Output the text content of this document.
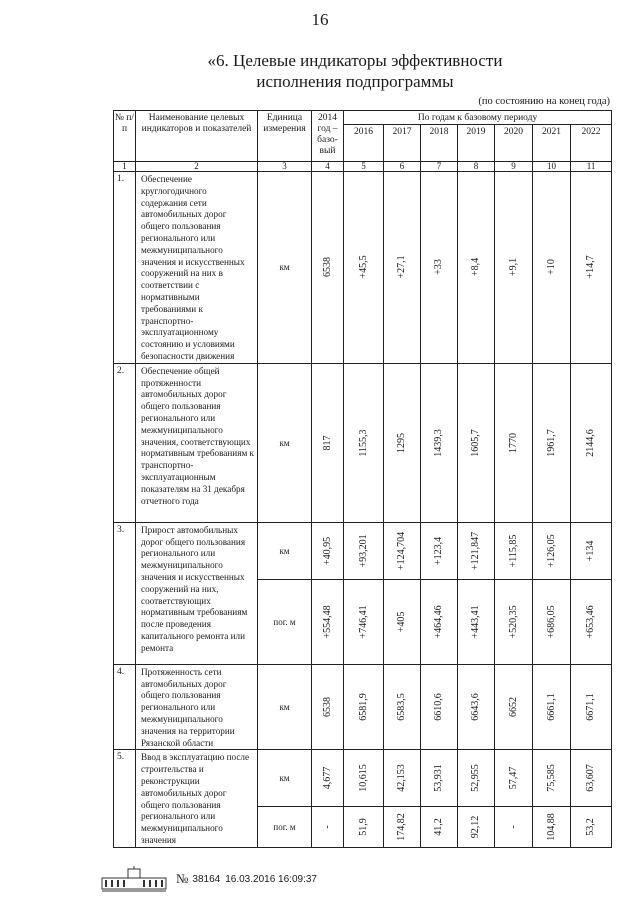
16
«6. Целевые индикаторы эффективности
исполнения подпрограммы
(по состоянию на конец года)
№ п/п	Наименование целевых индикаторов и показателей	Единица измерения	2014 год – базо-вый	По годам к базовому периоду						
				2016	2017	2018	2019	2020	2021	2022
1	2	3	4	5	6	7	8	9	10	11
1.	Обеспечение круглогодичного содержания сети автомобильных дорог общего пользования регионального или межмуниципального значения и искусственных сооружений на них в соответствии с нормативными требованиями к транспортно-эксплуатационному состоянию и условиями безопасности движения	км	6538	+45,5	+27,1	+33	+8,4	+9,1	+10	+14,7

2.	Обеспечение общей протяженности автомобильных дорог общего пользования регионального или межмуниципального значения, соответствующих нормативным требованиям к транспортно-эксплуатационным показателям на 31 декабря отчетного года	км	817	1155,3	1295	1439,3	1605,7	1770	1961,7	2144,6

3.	Прирост автомобильных дорог общего пользования регионального или межмуниципального значения и искусственных сооружений на них, соответствующих нормативным требованиям после проведения капитального ремонта или ремонта	км	+40,95	+93,201	+124,704	+123,4	+121,847	+115,85	+126,05	+134

		пог. м	+554,48	+746,41	+405	+464,46	+443,41	+520,35	+686,05	+653,46

4.	Протяженность сети автомобильных дорог общего пользования регионального или межмуниципального значения на территории Рязанской области	км	6538	6581,9	6583,5	6610,6	6643,6	6652	6661,1	6671,1

5.	Ввод в эксплуатацию после строительства и реконструкции автомобильных дорог общего пользования регионального или межмуниципального значения	км	4,677	10,615	42,153	53,931	52,955	57,47	75,585	63,607

		пог. м	-	51,9	174,82	41,2	92,12	-	104,88	53,2
№ 38164 16.03.2016 16:09:37
